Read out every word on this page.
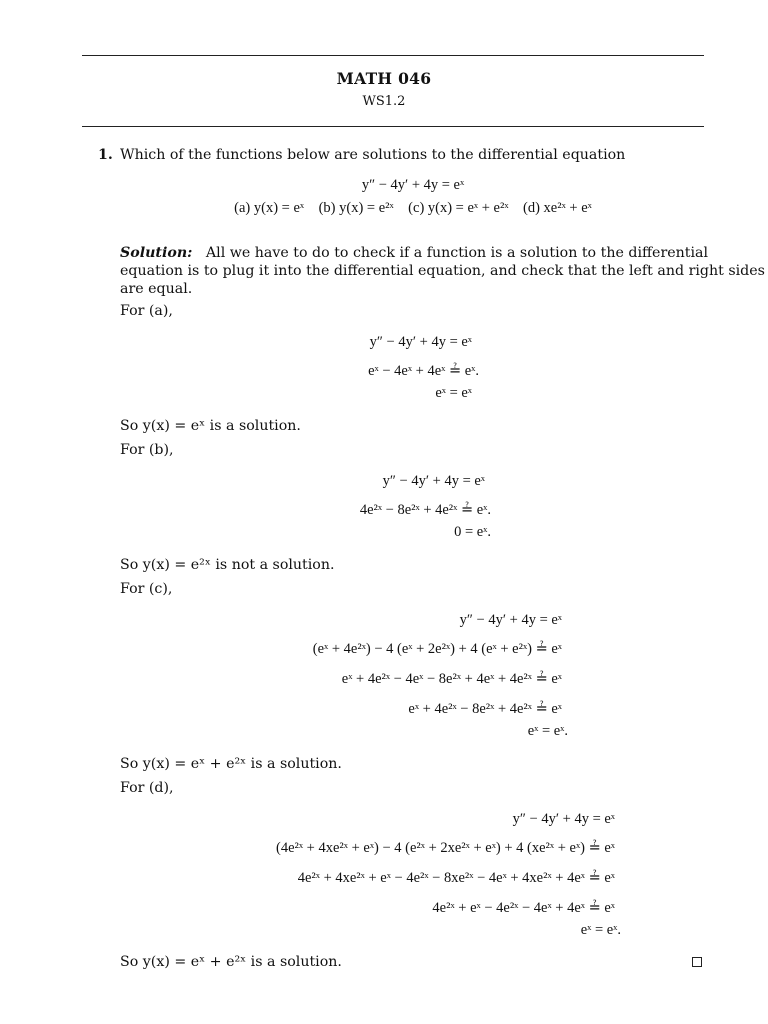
MATH 046
WS1.2
1. Which of the functions below are solutions to the differential equation
y″ − 4y′ + 4y = eˣ
(a) y(x) = eˣ    (b) y(x) = e²ˣ    (c) y(x) = eˣ + e²ˣ    (d) xe²ˣ + eˣ
Solution: All we have to do to check if a function is a solution to the differential
equation is to plug it into the differential equation, and check that the left and right sides
are equal.
For (a),
y″ − 4y′ + 4y = eˣ
eˣ − 4eˣ + 4eˣ ≟ eˣ.
eˣ = eˣ
So y(x) = eˣ is a solution.
For (b),
y″ − 4y′ + 4y = eˣ
4e²ˣ − 8e²ˣ + 4e²ˣ ≟ eˣ.
0 = eˣ.
So y(x) = e²ˣ is not a solution.
For (c),
y″ − 4y′ + 4y = eˣ
(eˣ + 4e²ˣ) − 4 (eˣ + 2e²ˣ) + 4 (eˣ + e²ˣ) ≟ eˣ
eˣ + 4e²ˣ − 4eˣ − 8e²ˣ + 4eˣ + 4e²ˣ ≟ eˣ
eˣ + 4e²ˣ − 8e²ˣ + 4e²ˣ ≟ eˣ
eˣ = eˣ.
So y(x) = eˣ + e²ˣ is a solution.
For (d),
y″ − 4y′ + 4y = eˣ
(4e²ˣ + 4xe²ˣ + eˣ) − 4 (e²ˣ + 2xe²ˣ + eˣ) + 4 (xe²ˣ + eˣ) ≟ eˣ
4e²ˣ + 4xe²ˣ + eˣ − 4e²ˣ − 8xe²ˣ − 4eˣ + 4xe²ˣ + 4eˣ ≟ eˣ
4e²ˣ + eˣ − 4e²ˣ − 4eˣ + 4eˣ ≟ eˣ
eˣ = eˣ.
So y(x) = eˣ + e²ˣ is a solution.
